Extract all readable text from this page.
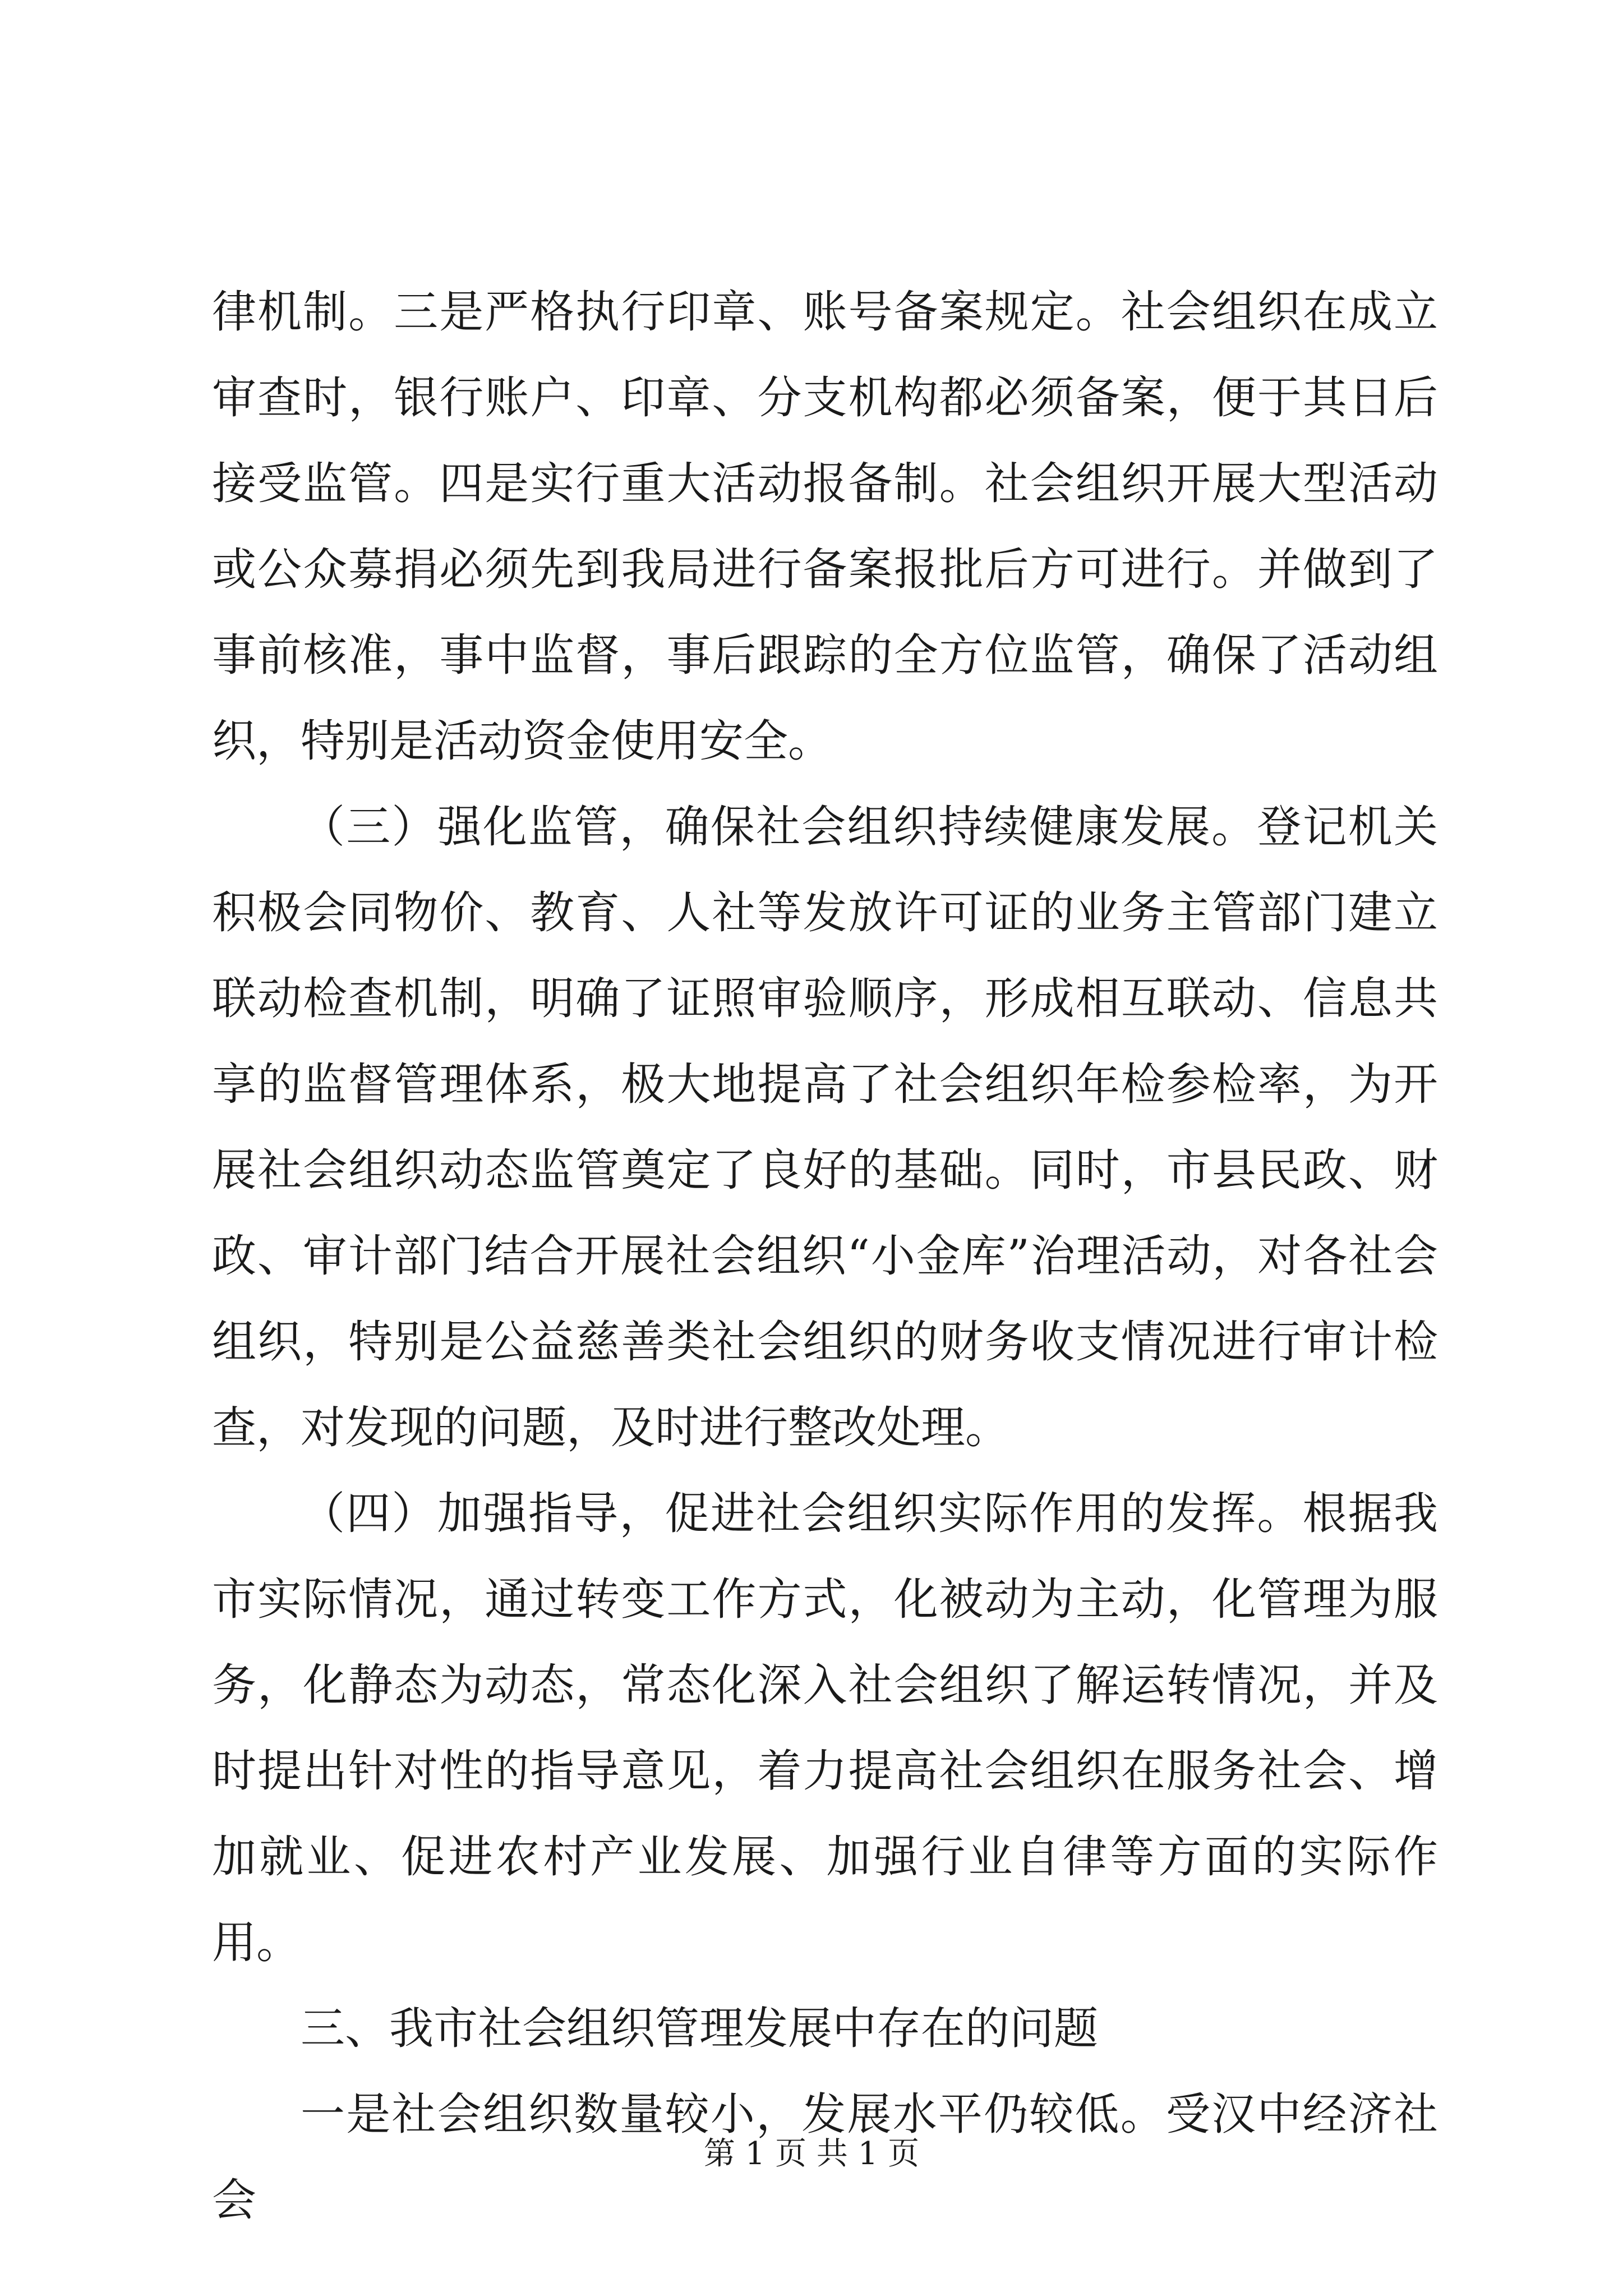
律机制。三是严格执行印章、账号备案规定。社会组织在成立审查时，银行账户、印章、分支机构都必须备案，便于其日后接受监管。四是实行重大活动报备制。社会组织开展大型活动或公众募捐必须先到我局进行备案报批后方可进行。并做到了事前核准，事中监督，事后跟踪的全方位监管，确保了活动组织，特别是活动资金使用安全。

（三）强化监管，确保社会组织持续健康发展。登记机关积极会同物价、教育、人社等发放许可证的业务主管部门建立联动检查机制，明确了证照审验顺序，形成相互联动、信息共享的监督管理体系，极大地提高了社会组织年检参检率，为开展社会组织动态监管奠定了良好的基础。同时，市县民政、财政、审计部门结合开展社会组织“小金库”治理活动，对各社会组织，特别是公益慈善类社会组织的财务收支情况进行审计检查，对发现的问题，及时进行整改处理。

（四）加强指导，促进社会组织实际作用的发挥。根据我市实际情况，通过转变工作方式，化被动为主动，化管理为服务，化静态为动态，常态化深入社会组织了解运转情况，并及时提出针对性的指导意见，着力提高社会组织在服务社会、增加就业、促进农村产业发展、加强行业自律等方面的实际作用。

三、我市社会组织管理发展中存在的问题

一是社会组织数量较小，发展水平仍较低。受汉中经济社会

第 1 页 共 1 页
